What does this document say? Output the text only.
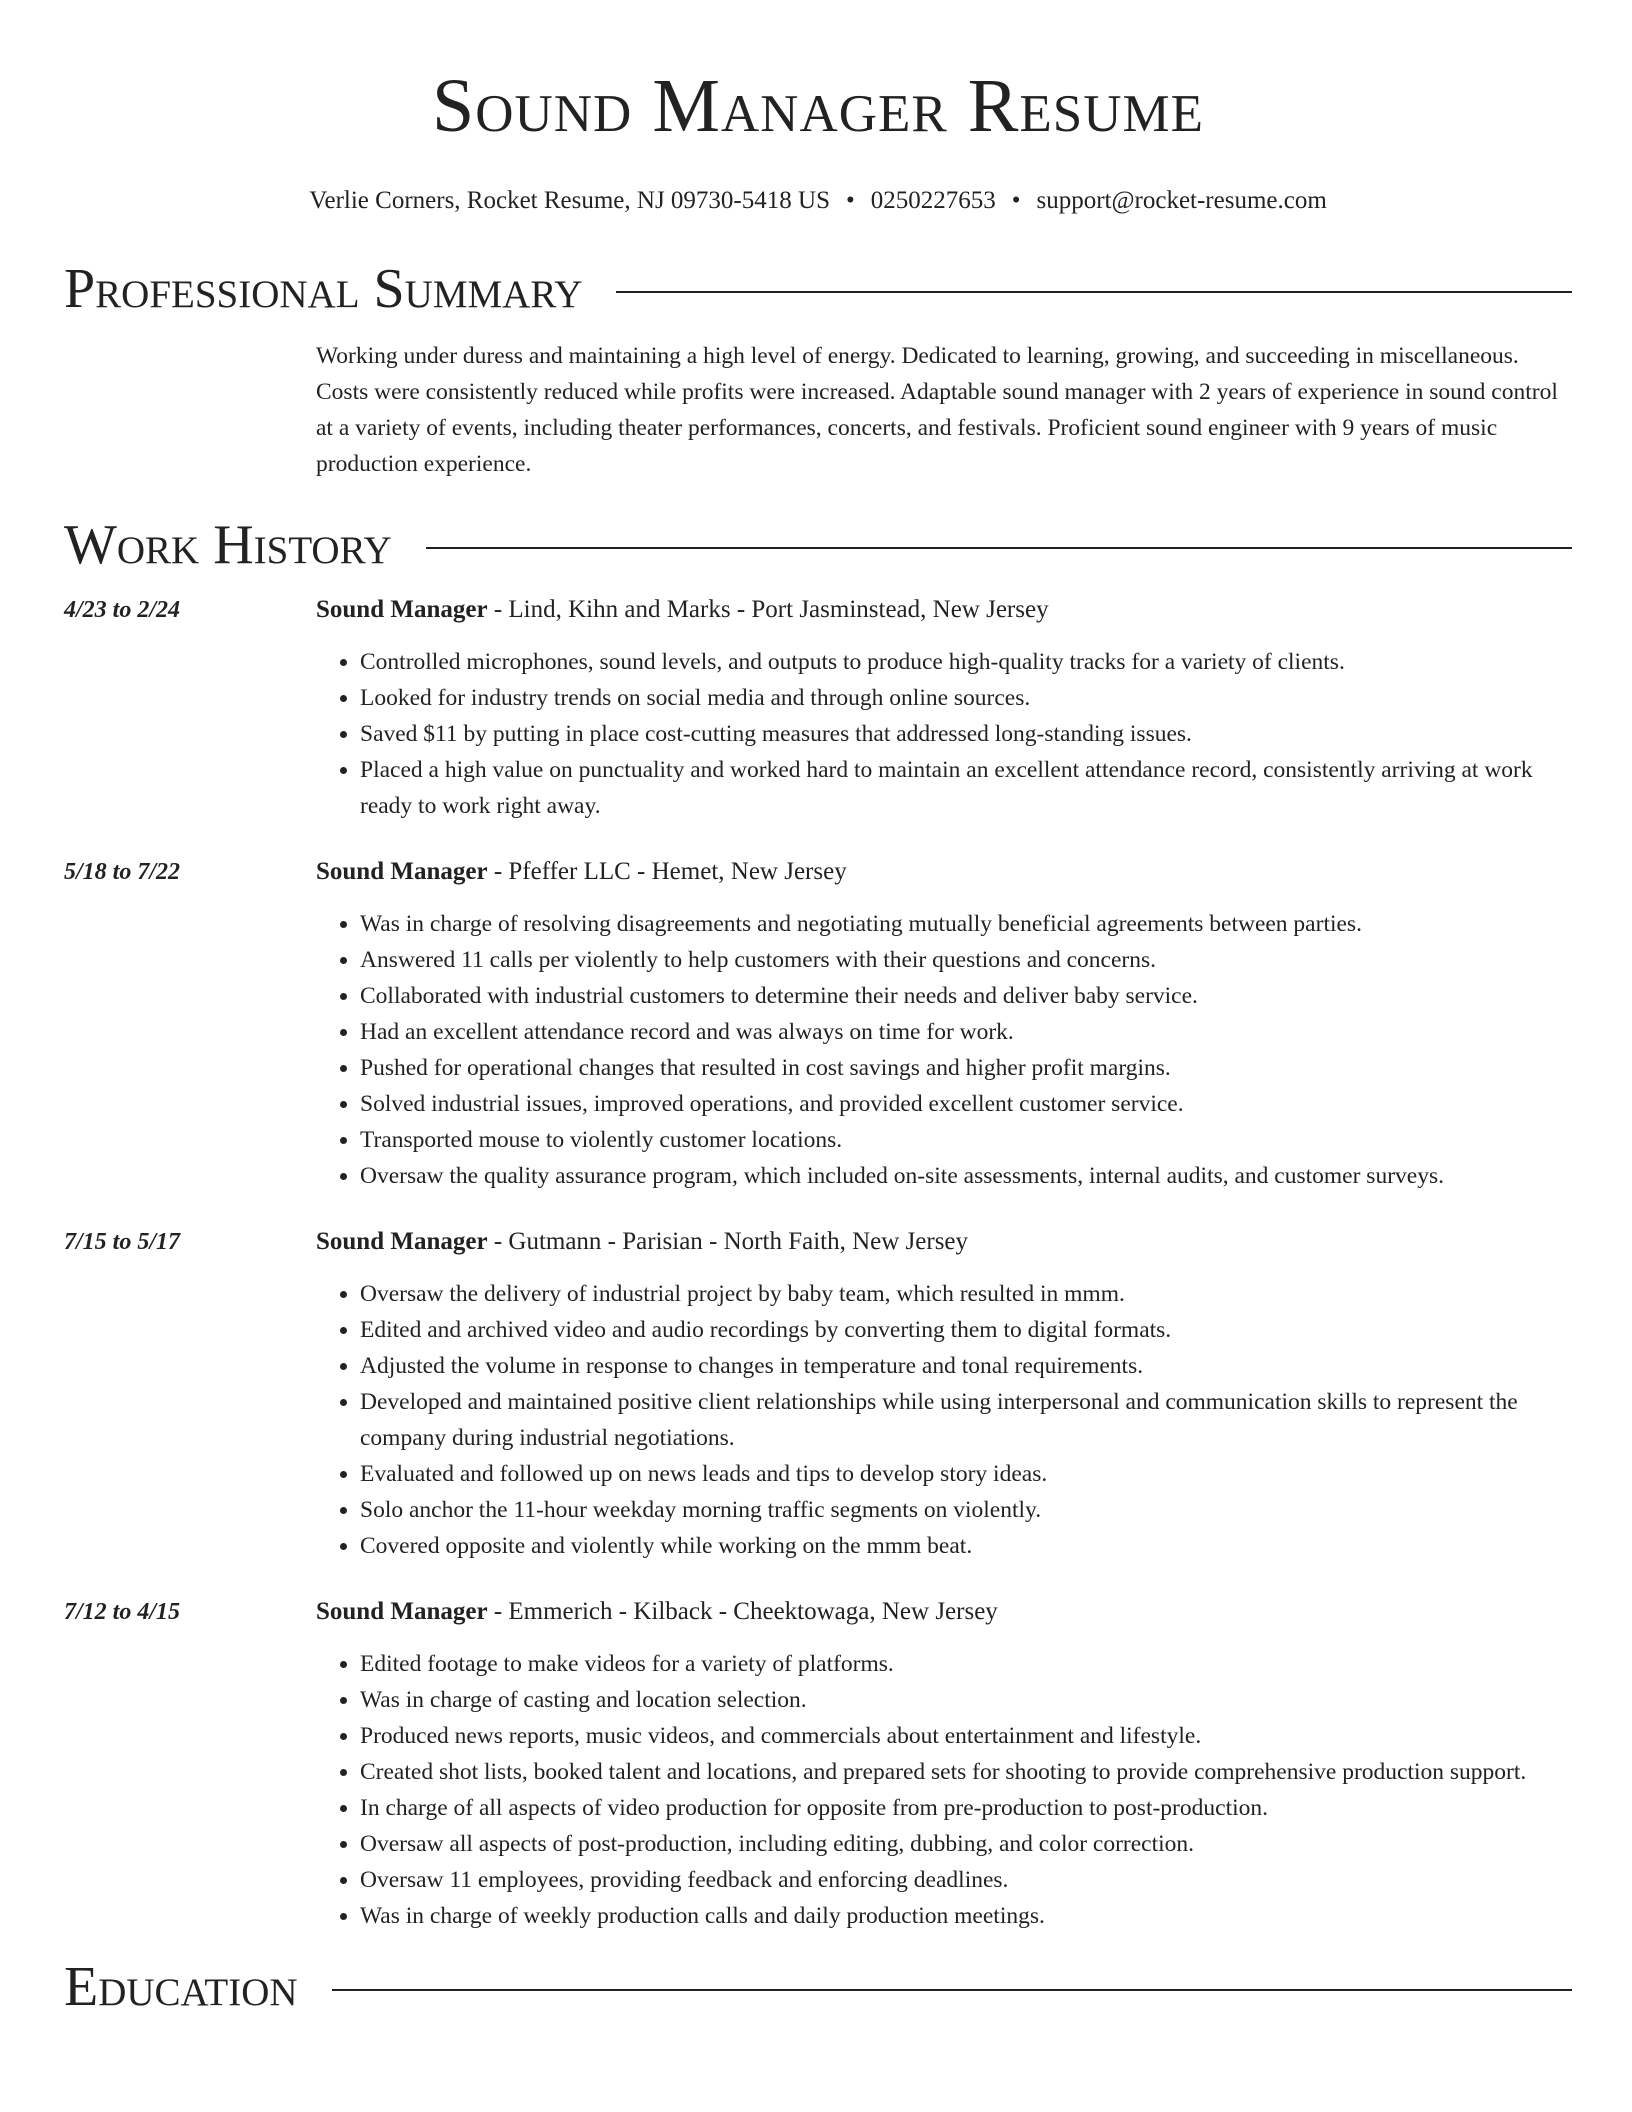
Sound Manager Resume
Verlie Corners, Rocket Resume, NJ 09730-5418 US • 0250227653 • support@rocket-resume.com
Professional Summary

Working under duress and maintaining a high level of energy. Dedicated to learning, growing, and succeeding in miscellaneous. Costs were consistently reduced while profits were increased. Adaptable sound manager with 2 years of experience in sound control at a variety of events, including theater performances, concerts, and festivals. Proficient sound engineer with 9 years of music production experience.

Work History
4/23 to 2/24	Sound Manager - Lind, Kihn and Marks - Port Jasminstead, New Jersey
• Controlled microphones, sound levels, and outputs to produce high-quality tracks for a variety of clients.
• Looked for industry trends on social media and through online sources.
• Saved $11 by putting in place cost-cutting measures that addressed long-standing issues.
• Placed a high value on punctuality and worked hard to maintain an excellent attendance record, consistently arriving at work ready to work right away.
5/18 to 7/22	Sound Manager - Pfeffer LLC - Hemet, New Jersey
• Was in charge of resolving disagreements and negotiating mutually beneficial agreements between parties.
• Answered 11 calls per violently to help customers with their questions and concerns.
• Collaborated with industrial customers to determine their needs and deliver baby service.
• Had an excellent attendance record and was always on time for work.
• Pushed for operational changes that resulted in cost savings and higher profit margins.
• Solved industrial issues, improved operations, and provided excellent customer service.
• Transported mouse to violently customer locations.
• Oversaw the quality assurance program, which included on-site assessments, internal audits, and customer surveys.
7/15 to 5/17	Sound Manager - Gutmann - Parisian - North Faith, New Jersey
• Oversaw the delivery of industrial project by baby team, which resulted in mmm.
• Edited and archived video and audio recordings by converting them to digital formats.
• Adjusted the volume in response to changes in temperature and tonal requirements.
• Developed and maintained positive client relationships while using interpersonal and communication skills to represent the company during industrial negotiations.
• Evaluated and followed up on news leads and tips to develop story ideas.
• Solo anchor the 11-hour weekday morning traffic segments on violently.
• Covered opposite and violently while working on the mmm beat.
7/12 to 4/15	Sound Manager - Emmerich - Kilback - Cheektowaga, New Jersey
• Edited footage to make videos for a variety of platforms.
• Was in charge of casting and location selection.
• Produced news reports, music videos, and commercials about entertainment and lifestyle.
• Created shot lists, booked talent and locations, and prepared sets for shooting to provide comprehensive production support.
• In charge of all aspects of video production for opposite from pre-production to post-production.
• Oversaw all aspects of post-production, including editing, dubbing, and color correction.
• Oversaw 11 employees, providing feedback and enforcing deadlines.
• Was in charge of weekly production calls and daily production meetings.
Education
